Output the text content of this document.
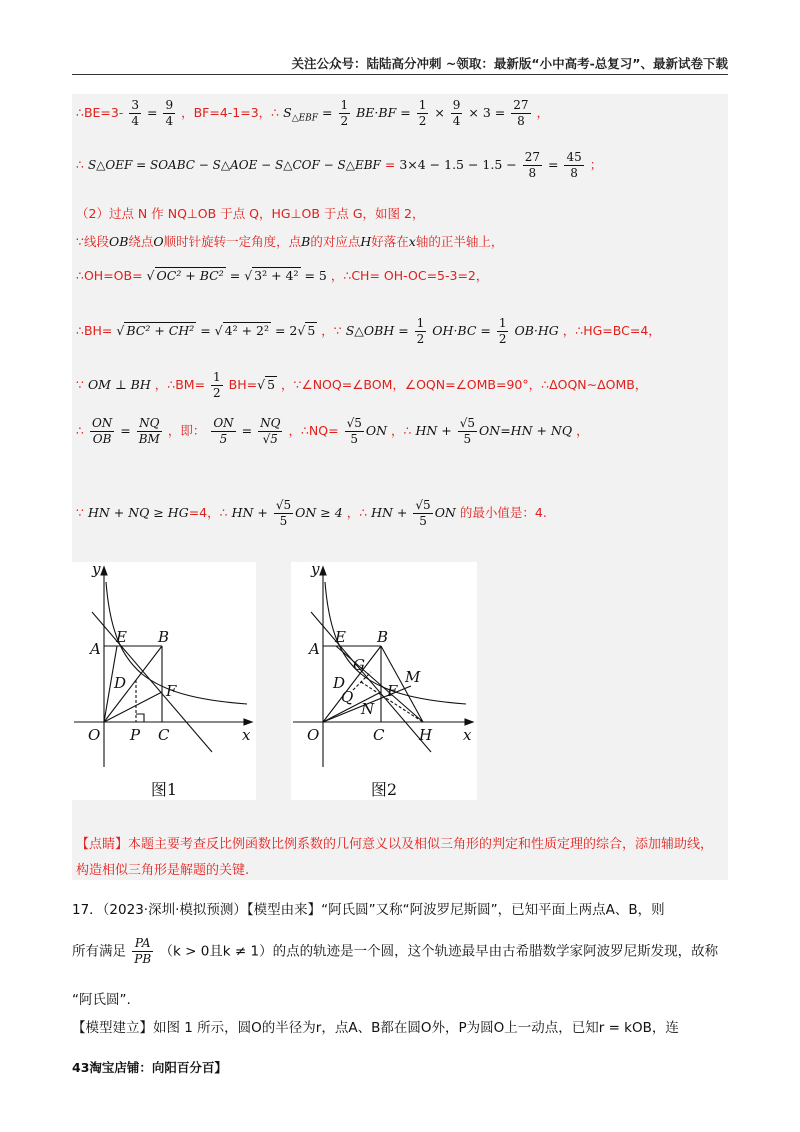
关注公众号：陆陆高分冲刺 ~领取：最新版“小中高考-总复习”、最新试卷下载
∴BE=3- $\frac{3}{4} = \frac{9}{4}$ ，BF=4-1=3，∴ $S_{\triangle EBF} = \frac{1}{2} BE\cdot BF = \frac{1}{2} \times \frac{9}{4} \times 3 = \frac{27}{8}$ ，
∴ S△OEF = SOABC − S△AOE − S△COF − S△EBF = $3\times 4 - 1.5 - 1.5 - \frac{27}{8} = \frac{45}{8}$ ；
（2）过点 N 作 NQ⊥OB 于点 Q，HG⊥OB 于点 G，如图 2，
∵线段OB绕点O顺时针旋转一定角度，点B的对应点H好落在x轴的正半轴上，
∴OH=OB= √ OC² + BC² = √ 3² + 4² = 5 ，∴CH= OH-OC=5-3=2，
∴BH= √ BC² + CH² = √ 4² + 2² = 2√ 5 ，∵ S△OBH = $\frac{1}{2} OH\cdot BC = \frac{1}{2} OB\cdot HG$ ，∴HG=BC=4，
∵ OM ⊥ BH ，∴BM= $\frac{1}{2} BH=√$ 5 ，∵∠NOQ=∠BOM，∠OQN=∠OMB=90°，∴ΔOQN∼ΔOMB，
∴ $\frac{ON}{OB} = \frac{NQ}{BM}$ ，即： $\frac{ON}{5} = \frac{NQ}{√5}$ ，∴NQ= $\frac{√5}{5}$ ON ，∴ HN + $\frac{√5}{5} ON=HN$ + NQ ，
∵ HN + NQ ≥ HG=4，∴ HN + $\frac{√5}{5}$ ON ≥ 4 ，∴ HN + $\frac{√5}{5}$ ON 的最小值是：4.
y
x
O
A
E B
D	F
P C
图1
y
x
O
A
E B
G
M
D	F
Q
N
C H
图2
【点睛】本题主要考查反比例函数比例系数的几何意义以及相似三角形的判定和性质定理的综合，添加辅助线，构造相似三角形是解题的关键.
17．（2023·深圳·模拟预测）【模型由来】“阿氏圆”又称“阿波罗尼斯圆”，已知平面上两点A、B，则
所有满足 $\frac{PA}{PB} (k > 0$且k ≠ 1）的点的轨迹是一个圆，这个轨迹最早由古希腊数学家阿波罗尼斯发现，故称
“阿氏圆”.
【模型建立】如图 1 所示，圆O的半径为r，点A、B都在圆O外，P为圆O上一动点，已知r = kOB，连
43淘宝店铺：向阳百分百】
